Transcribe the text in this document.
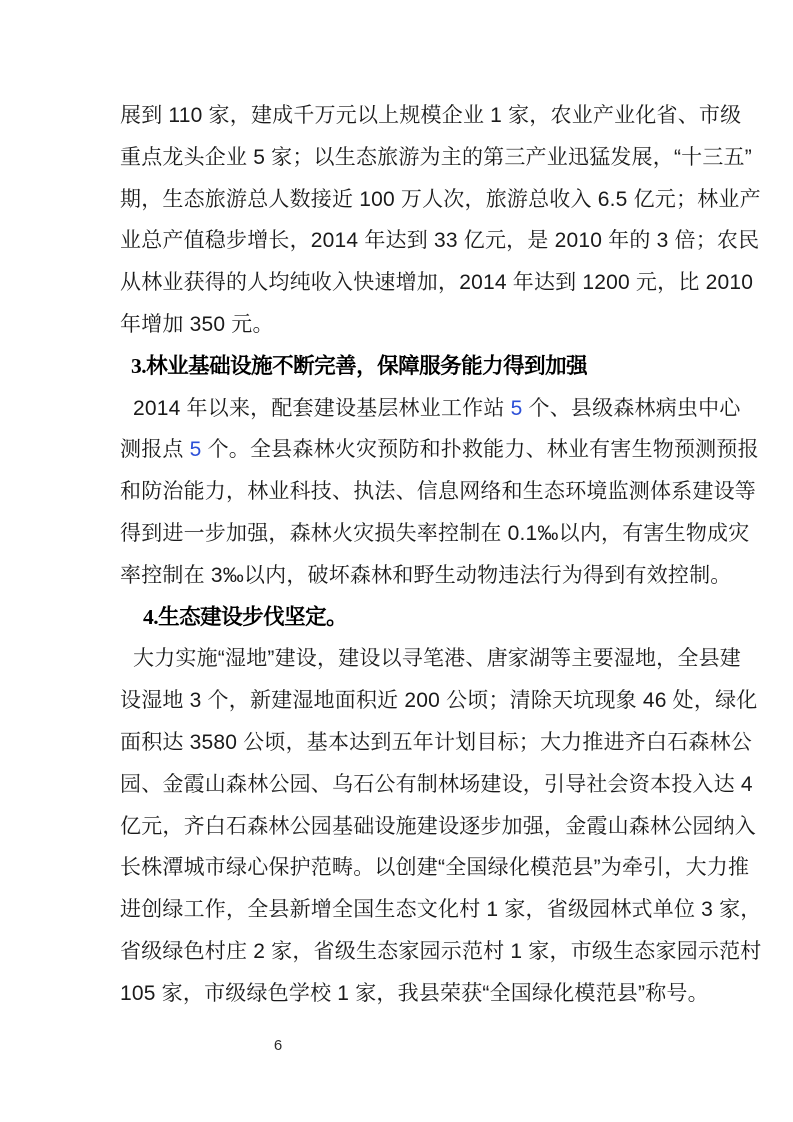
展到 110 家，建成千万元以上规模企业 1 家，农业产业化省、市级
重点龙头企业 5 家；以生态旅游为主的第三产业迅猛发展，“十三五”
期，生态旅游总人数接近 100 万人次，旅游总收入 6.5 亿元；林业产
业总产值稳步增长，2014 年达到 33 亿元，是 2010 年的 3 倍；农民
从林业获得的人均纯收入快速增加，2014 年达到 1200 元，比 2010
年增加 350 元。
3.林业基础设施不断完善，保障服务能力得到加强
2014 年以来，配套建设基层林业工作站 5 个、县级森林病虫中心
测报点 5 个。全县森林火灾预防和扑救能力、林业有害生物预测预报
和防治能力，林业科技、执法、信息网络和生态环境监测体系建设等
得到进一步加强，森林火灾损失率控制在 0.1‰以内，有害生物成灾
率控制在 3‰以内，破坏森林和野生动物违法行为得到有效控制。
4.生态建设步伐坚定。
大力实施“湿地”建设，建设以寻笔港、唐家湖等主要湿地，全县建
设湿地 3 个，新建湿地面积近 200 公顷；清除天坑现象 46 处，绿化
面积达 3580 公顷，基本达到五年计划目标；大力推进齐白石森林公
园、金霞山森林公园、乌石公有制林场建设，引导社会资本投入达 4
亿元，齐白石森林公园基础设施建设逐步加强，金霞山森林公园纳入
长株潭城市绿心保护范畴。以创建“全国绿化模范县”为牵引，大力推
进创绿工作，全县新增全国生态文化村 1 家，省级园林式单位 3 家，
省级绿色村庄 2 家，省级生态家园示范村 1 家，市级生态家园示范村
105 家，市级绿色学校 1 家，我县荣获“全国绿化模范县”称号。
6
